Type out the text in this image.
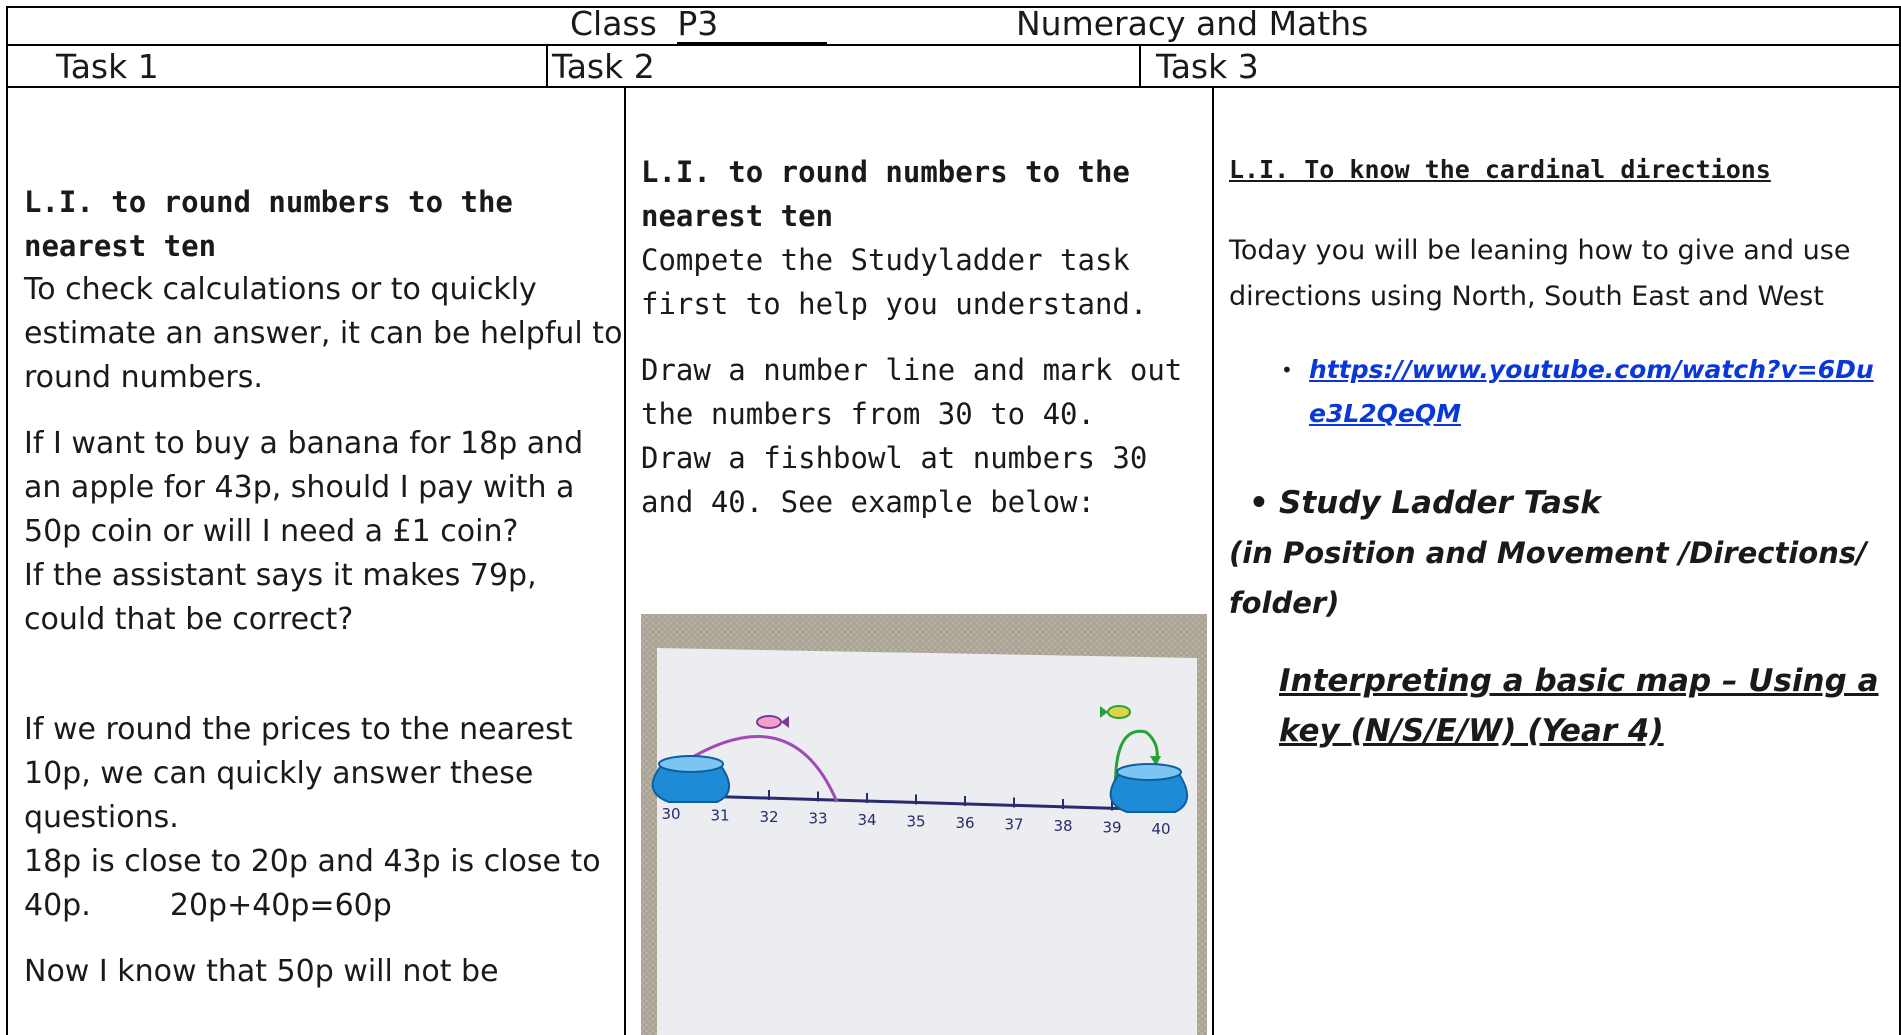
Class P3	Numeracy and Maths
Task 1	Task 2	Task 3

L.I. to round numbers to the nearest ten

To check calculations or to quickly estimate an answer, it can be helpful to round numbers.

If I want to buy a banana for 18p and an apple for 43p, should I pay with a 50p coin or will I need a £1 coin?

If the assistant says it makes 79p, could that be correct?

If we round the prices to the nearest 10p, we can quickly answer these questions.

18p is close to 20p and 43p is close to

40p.	20p+40p=60p

Now I know that 50p will not be

L.I. to round numbers to the nearest ten

Compete the Studyladder task first to help you understand.

Draw a number line and mark out the numbers from 30 to 40.

Draw a fishbowl at numbers 30 and 40. See example below:

30 31 32 33 34 35 36 37 38 39 40
L.I. To know the cardinal directions
Today you will be leaning how to give and use directions using North, South East and West
• https://www.youtube.com/watch?v=6Due3L2QeQM
• Study Ladder Task
(in Position and Movement /Directions/ folder)
Interpreting a basic map – Using a key (N/S/E/W) (Year 4)
